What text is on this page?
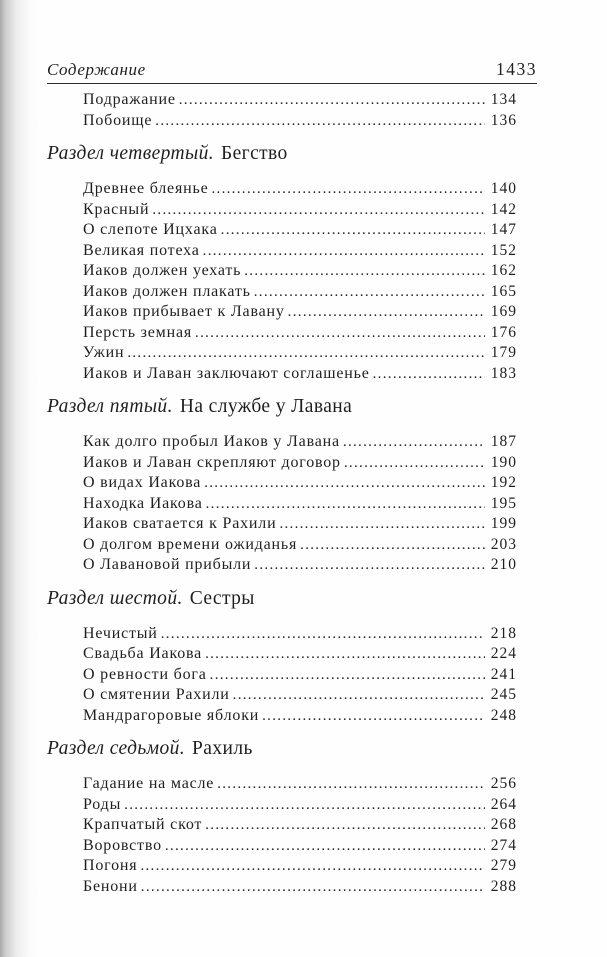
Содержание	1433
Подражание .....	134
Побоище .....	136
Раздел четвертый. Бегство
Древнее блеянье .....	140
Красный .....	142
О слепоте Ицхака .....	147
Великая потеха .....	152
Иаков должен уехать .....	162
Иаков должен плакать .....	165
Иаков прибывает к Лавану .....	169
Персть земная .....	176
Ужин .....	179
Иаков и Лаван заключают соглашенье .....	183
Раздел пятый. На службе у Лавана
Как долго пробыл Иаков у Лавана .....	187
Иаков и Лаван скрепляют договор .....	190
О видах Иакова .....	192
Находка Иакова .....	195
Иаков сватается к Рахили .....	199
О долгом времени ожиданья .....	203
О Лавановой прибыли .....	210
Раздел шестой. Сестры
Нечистый .....	218
Свадьба Иакова .....	224
О ревности бога .....	241
О смятении Рахили .....	245
Мандрагоровые яблоки .....	248
Раздел седьмой. Рахиль
Гадание на масле .....	256
Роды .....	264
Крапчатый скот .....	268
Воровство .....	274
Погоня .....	279
Бенони .....	288
